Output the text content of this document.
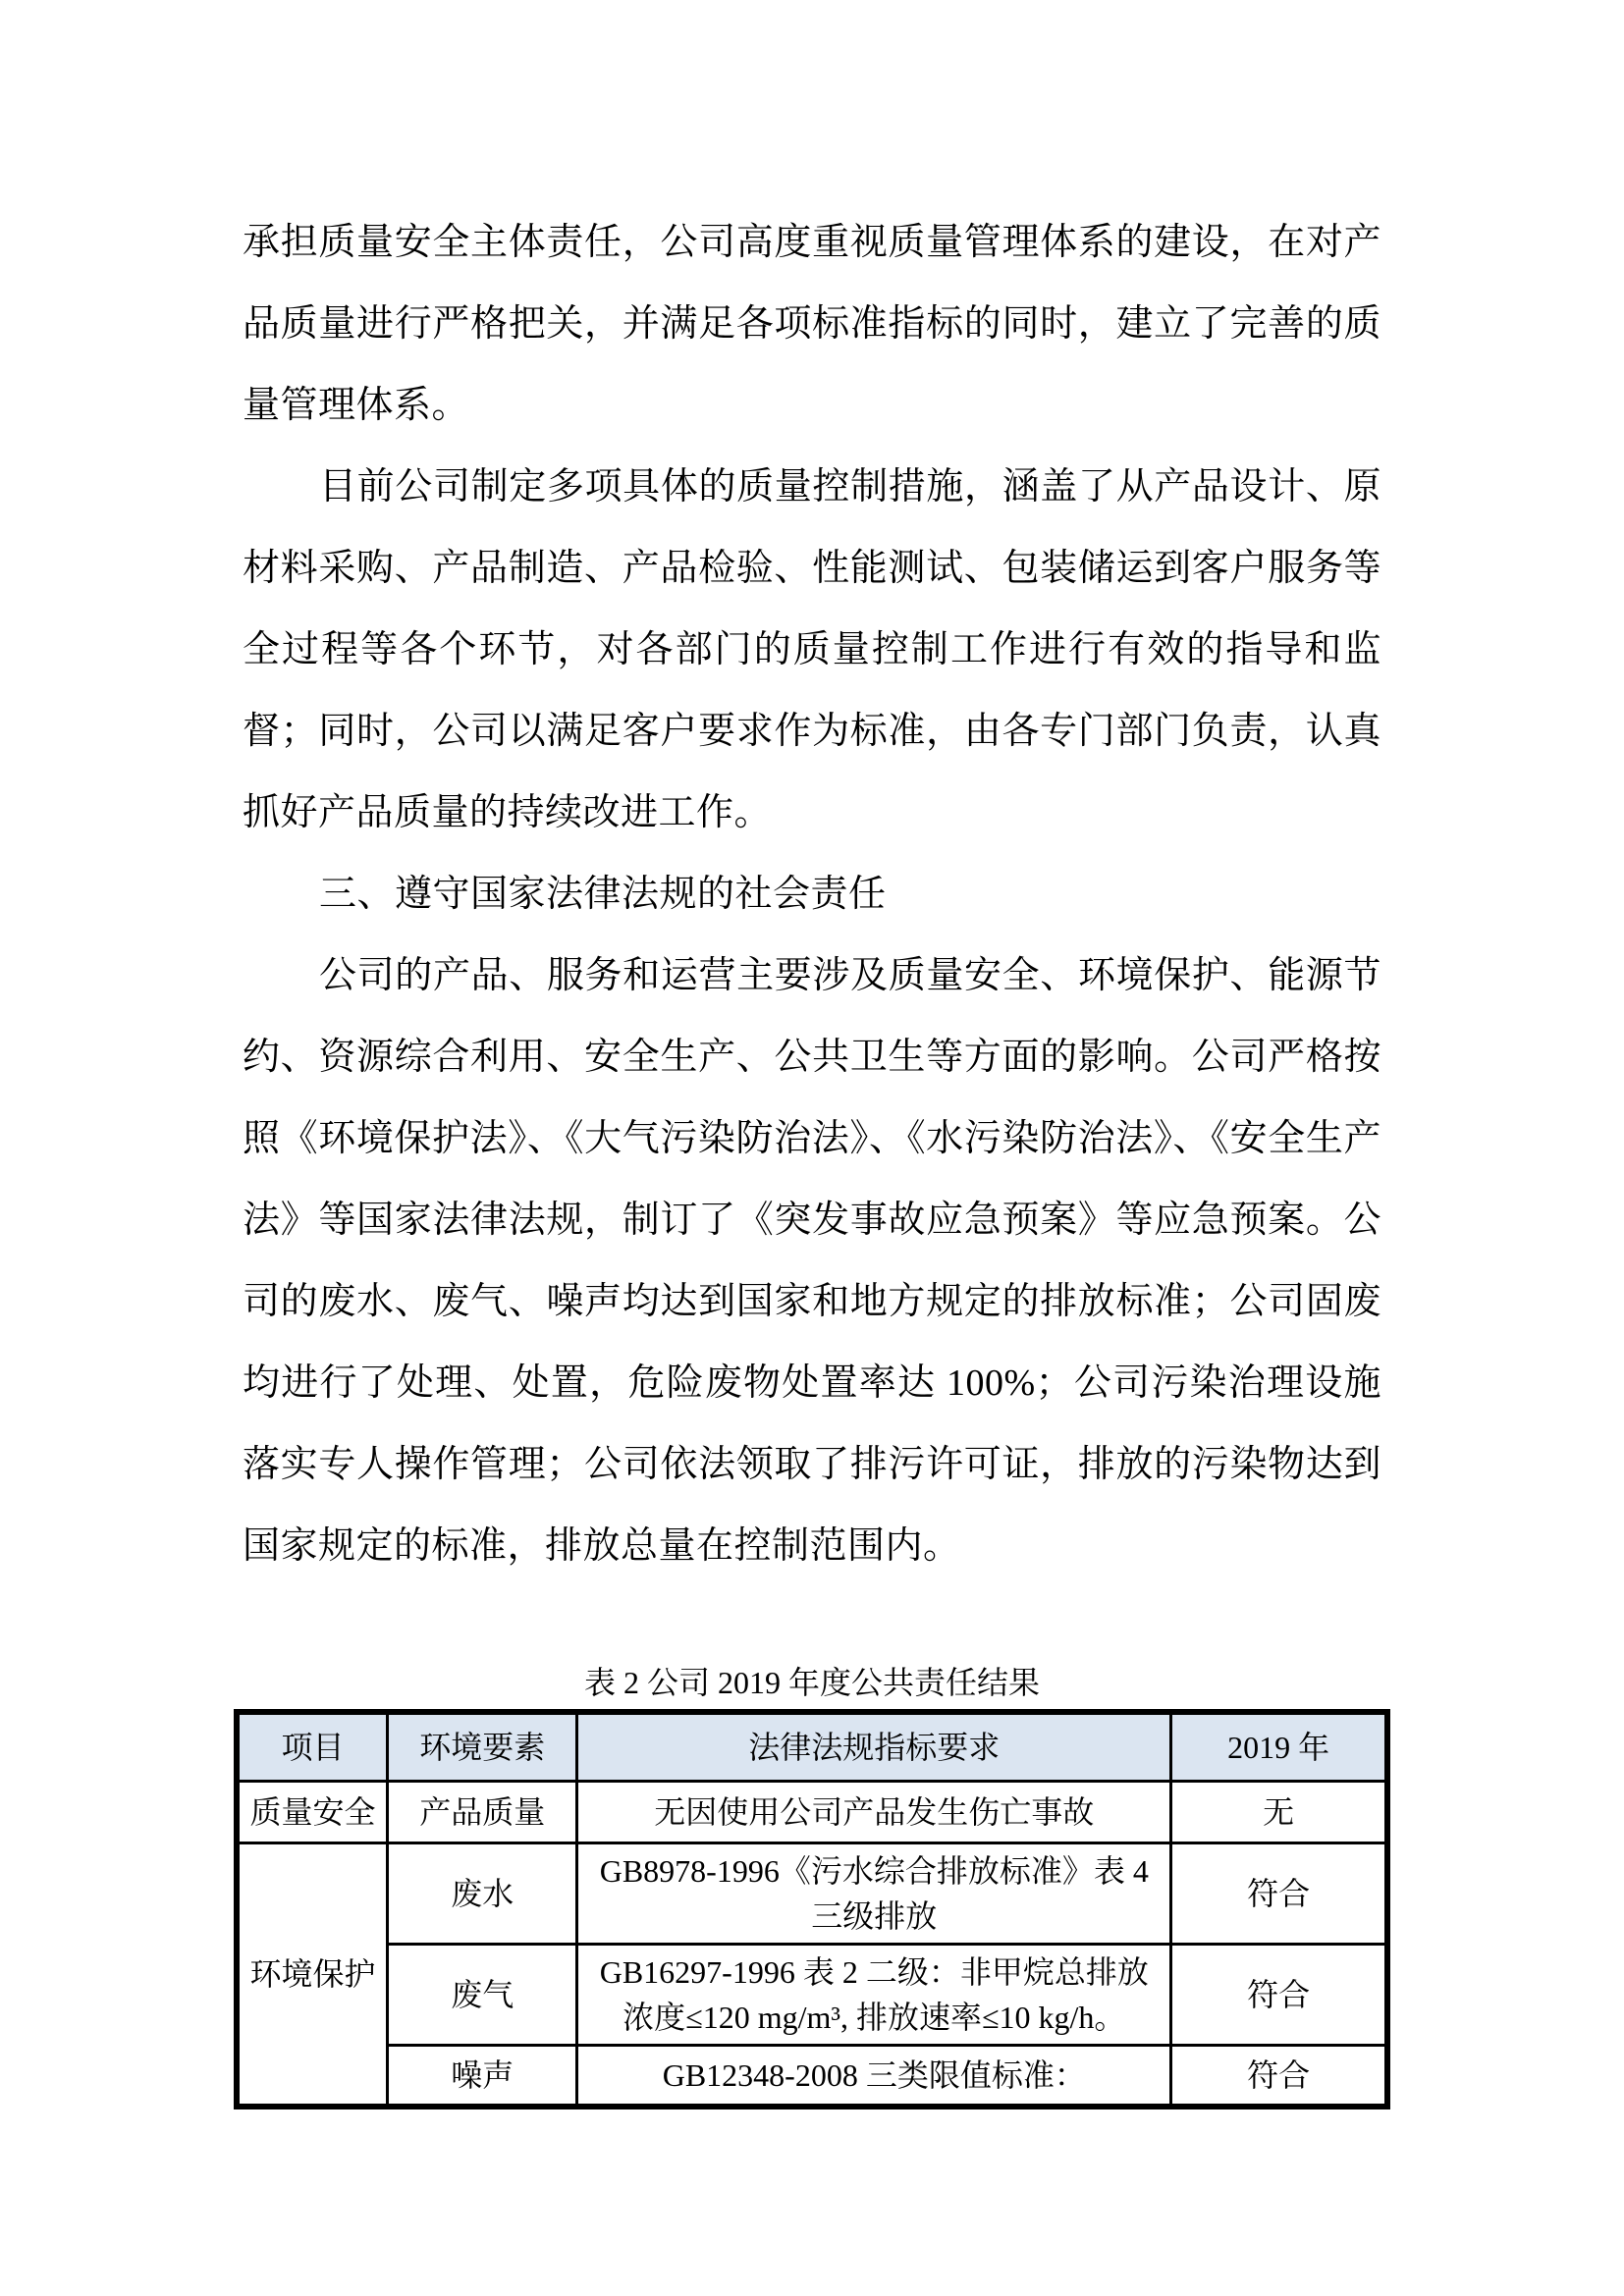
承担质量安全主体责任，公司高度重视质量管理体系的建设，在对产品质量进行严格把关，并满足各项标准指标的同时，建立了完善的质量管理体系。

目前公司制定多项具体的质量控制措施，涵盖了从产品设计、原材料采购、产品制造、产品检验、性能测试、包装储运到客户服务等全过程等各个环节，对各部门的质量控制工作进行有效的指导和监督；同时，公司以满足客户要求作为标准，由各专门部门负责，认真抓好产品质量的持续改进工作。

三、遵守国家法律法规的社会责任

公司的产品、服务和运营主要涉及质量安全、环境保护、能源节约、资源综合利用、安全生产、公共卫生等方面的影响。公司严格按照《环境保护法》、《大气污染防治法》、《水污染防治法》、《安全生产法》等国家法律法规，制订了《突发事故应急预案》等应急预案。公司的废水、废气、噪声均达到国家和地方规定的排放标准；公司固废均进行了处理、处置，危险废物处置率达 100%；公司污染治理设施落实专人操作管理；公司依法领取了排污许可证，排放的污染物达到国家规定的标准，排放总量在控制范围内。

表 2 公司 2019 年度公共责任结果
项目	环境要素	法律法规指标要求	2019 年
质量安全	产品质量	无因使用公司产品发生伤亡事故	无
环境保护	废水	GB8978-1996《污水综合排放标准》表 4 三级排放	符合
	废气	GB16297-1996 表 2 二级：非甲烷总排放浓度≤120 mg/m³, 排放速率≤10 kg/h。	符合
	噪声	GB12348-2008 三类限值标准：	符合
